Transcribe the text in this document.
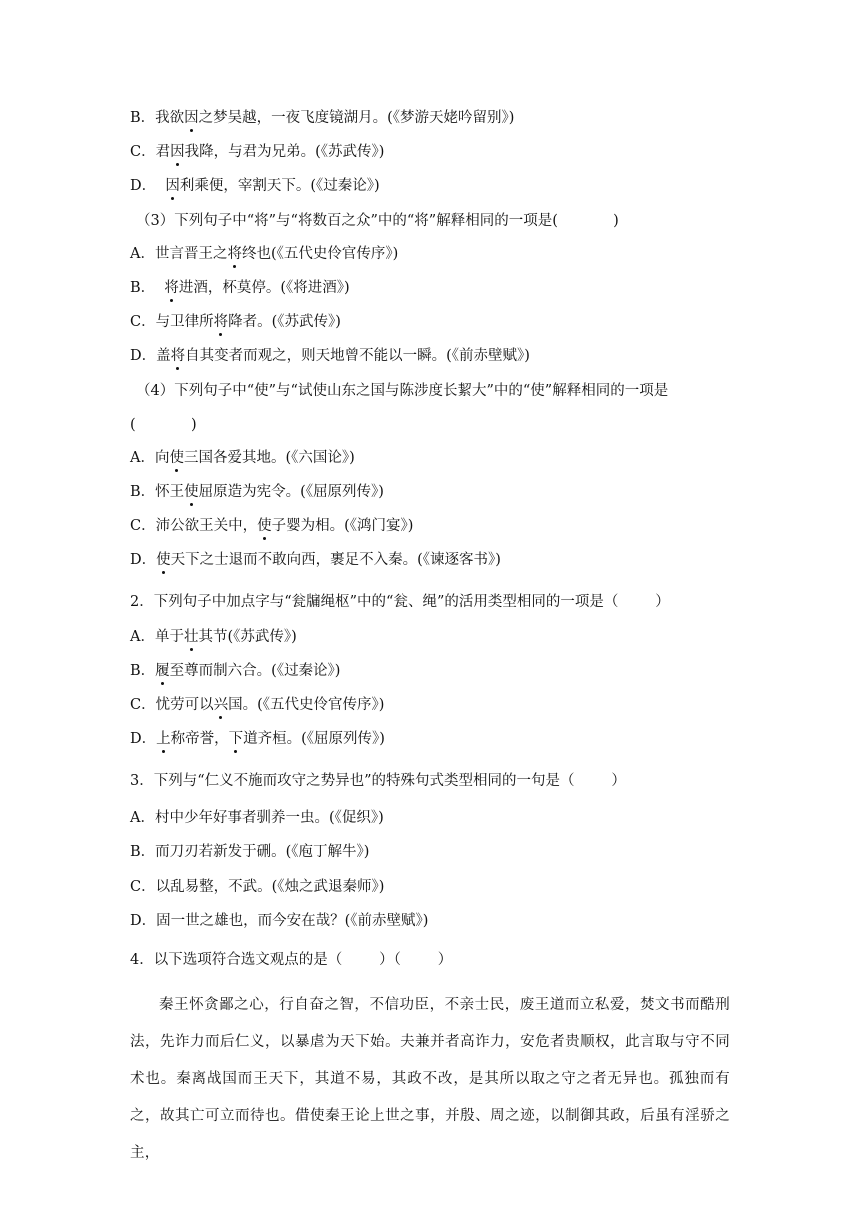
B．我欲因之梦吴越，一夜飞度镜湖月。(《梦游天姥吟留别》)
C．君因我降，与君为兄弟。(《苏武传》)
D．  因利乘便，宰割天下。(《过秦论》)
（3）下列句子中“将”与“将数百之众”中的“将”解释相同的一项是(            )
A．世言晋王之将终也(《五代史伶官传序》)
B．  将进酒，杯莫停。(《将进酒》)
C．与卫律所将降者。(《苏武传》)
D．盖将自其变者而观之，则天地曾不能以一瞬。(《前赤壁赋》)
（4）下列句子中“使”与“试使山东之国与陈涉度长絜大”中的“使”解释相同的一项是
(            )
A．向使三国各爱其地。(《六国论》)
B．怀王使屈原造为宪令。(《屈原列传》)
C．沛公欲王关中，使子婴为相。(《鸿门宴》)
D．使天下之士退而不敢向西，裹足不入秦。(《谏逐客书》)
2．下列句子中加点字与“瓮牖绳枢”中的“瓮、绳”的活用类型相同的一项是（        ）
A．单于壮其节(《苏武传》)
B．履至尊而制六合。(《过秦论》)
C．忧劳可以兴国。(《五代史伶官传序》)
D．上称帝誉，下道齐桓。(《屈原列传》)
3．下列与“仁义不施而攻守之势异也”的特殊句式类型相同的一句是（        ）
A．村中少年好事者驯养一虫。(《促织》)
B．而刀刃若新发于硎。(《庖丁解牛》)
C．以乱易整，不武。(《烛之武退秦师》)
D．固一世之雄也，而今安在哉？(《前赤壁赋》)
4．以下选项符合选文观点的是（        ）（        ）
秦王怀贪鄙之心，行自奋之智，不信功臣，不亲士民，废王道而立私爱，焚文书而酷刑法，先诈力而后仁义，以暴虐为天下始。夫兼并者高诈力，安危者贵顺权，此言取与守不同术也。秦离战国而王天下，其道不易，其政不改，是其所以取之守之者无异也。孤独而有之，故其亡可立而待也。借使秦王论上世之事，并殷、周之迹，以制御其政，后虽有淫骄之主，
